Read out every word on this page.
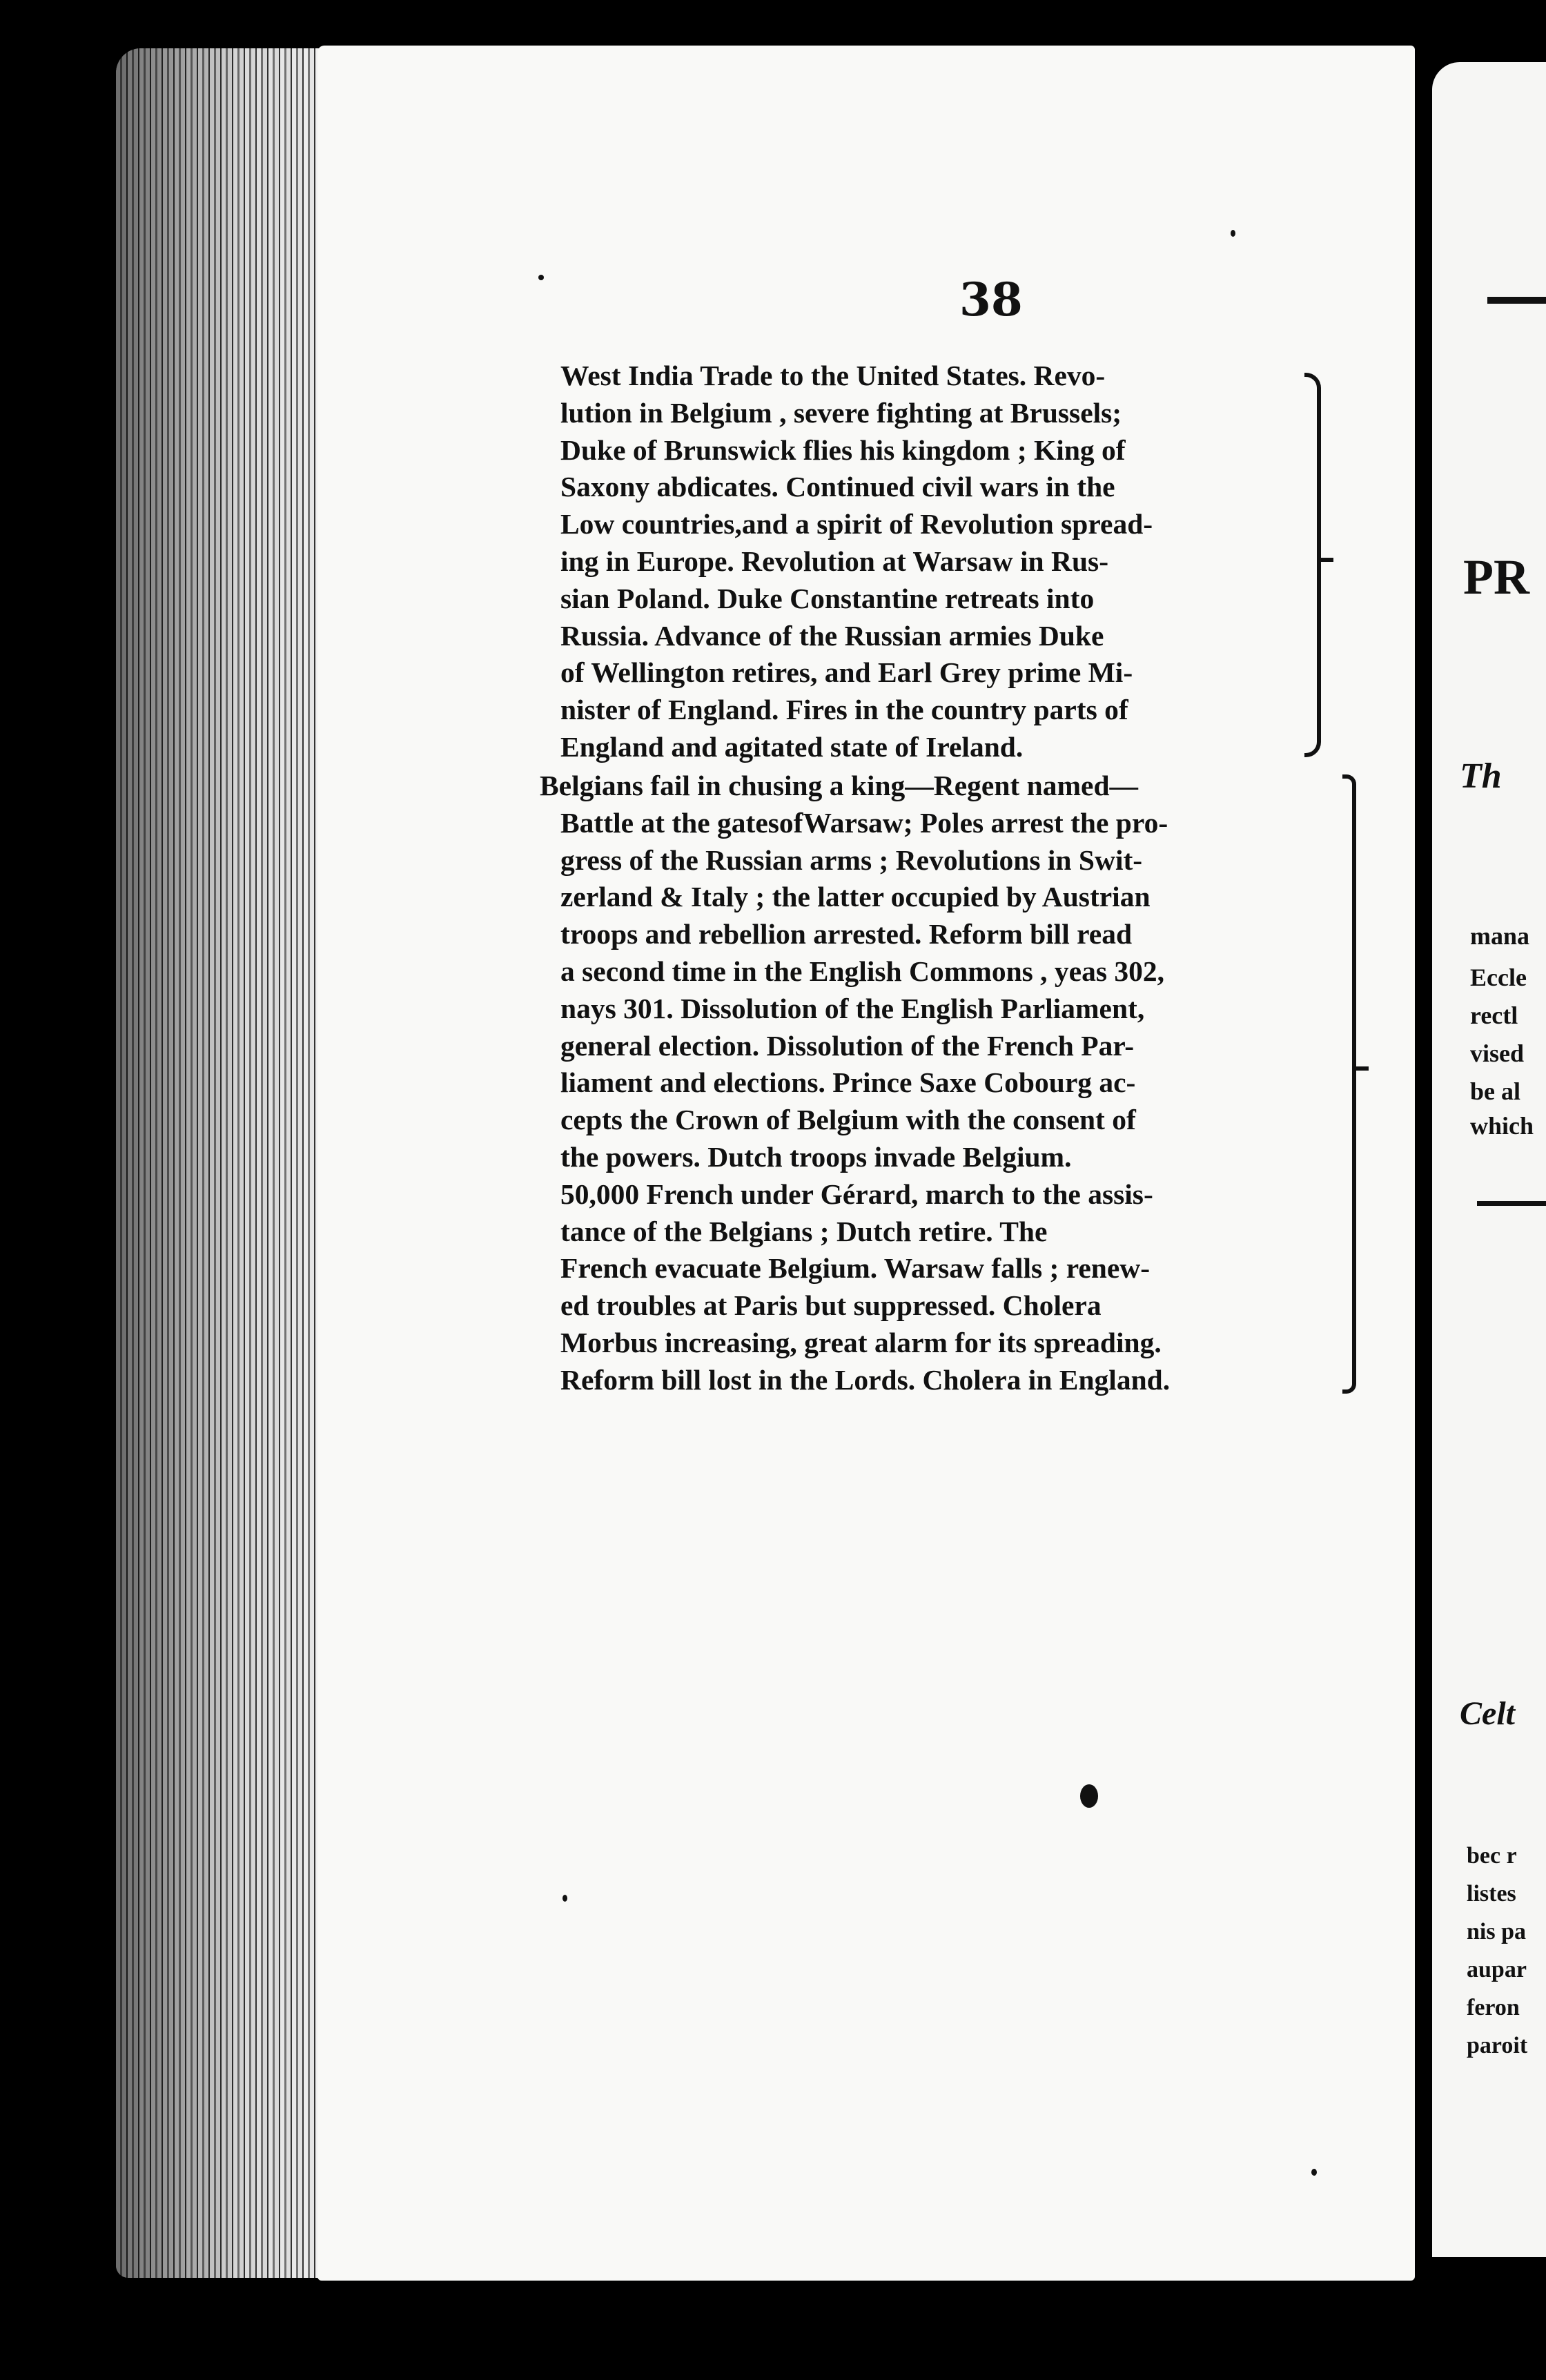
PR
Th
mana
Eccle
rectl
vised
be al
which
Celt
bec r
listes
nis pa
aupar
feron
paroit
38
West India Trade to the United States. Revo-
lution in Belgium , severe fighting at Brussels;
Duke of Brunswick flies his kingdom ; King of
Saxony abdicates. Continued civil wars in the
Low countries,and a spirit of Revolution spread-
ing in Europe. Revolution at Warsaw in Rus-
sian Poland. Duke Constantine retreats into
Russia. Advance of the Russian armies Duke
of Wellington retires, and Earl Grey prime Mi-
nister of England. Fires in the country parts of
England and agitated state of Ireland.
Belgians fail in chusing a king—Regent named—
Battle at the gatesofWarsaw; Poles arrest the pro-
gress of the Russian arms ; Revolutions in Swit-
zerland & Italy ; the latter occupied by Austrian
troops and rebellion arrested. Reform bill read
a second time in the English Commons , yeas 302,
nays 301. Dissolution of the English Parliament,
general election. Dissolution of the French Par-
liament and elections. Prince Saxe Cobourg ac-
cepts the Crown of Belgium with the consent of
the powers. Dutch troops invade Belgium.
50,000 French under Gérard, march to the assis-
tance of the Belgians ; Dutch retire. The
French evacuate Belgium. Warsaw falls ; renew-
ed troubles at Paris but suppressed. Cholera
Morbus increasing, great alarm for its spreading.
Reform bill lost in the Lords. Cholera in England.
